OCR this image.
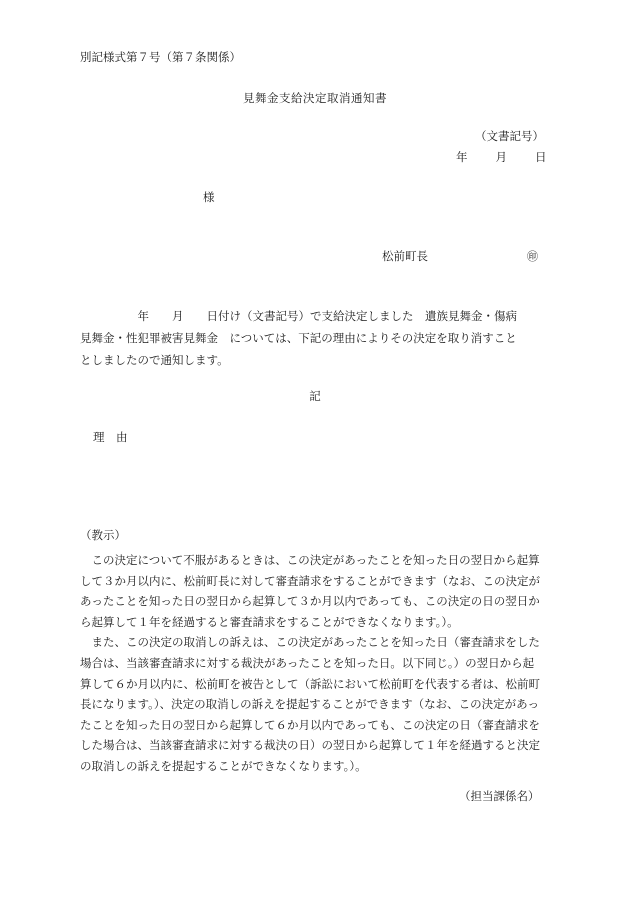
別記様式第７号（第７条関係）
見舞金支給決定取消通知書
（文書記号）
年 月 日
様
松前町長	㊞
　　　　　年　　月　　日付け（文書記号）で支給決定しました　遺族見舞金・傷病
見舞金・性犯罪被害見舞金　については、下記の理由によりその決定を取り消すこと
としましたので通知します。
記
理　由
（教示）
　この決定について不服があるときは、この決定があったことを知った日の翌日から起算
して３か月以内に、松前町長に対して審査請求をすることができます（なお、この決定が
あったことを知った日の翌日から起算して３か月以内であっても、この決定の日の翌日か
ら起算して１年を経過すると審査請求をすることができなくなります。）。
　また、この決定の取消しの訴えは、この決定があったことを知った日（審査請求をした
場合は、当該審査請求に対する裁決があったことを知った日。以下同じ。）の翌日から起
算して６か月以内に、松前町を被告として（訴訟において松前町を代表する者は、松前町
長になります。）、決定の取消しの訴えを提起することができます（なお、この決定があっ
たことを知った日の翌日から起算して６か月以内であっても、この決定の日（審査請求を
した場合は、当該審査請求に対する裁決の日）の翌日から起算して１年を経過すると決定
の取消しの訴えを提起することができなくなります。）。
（担当課係名）
